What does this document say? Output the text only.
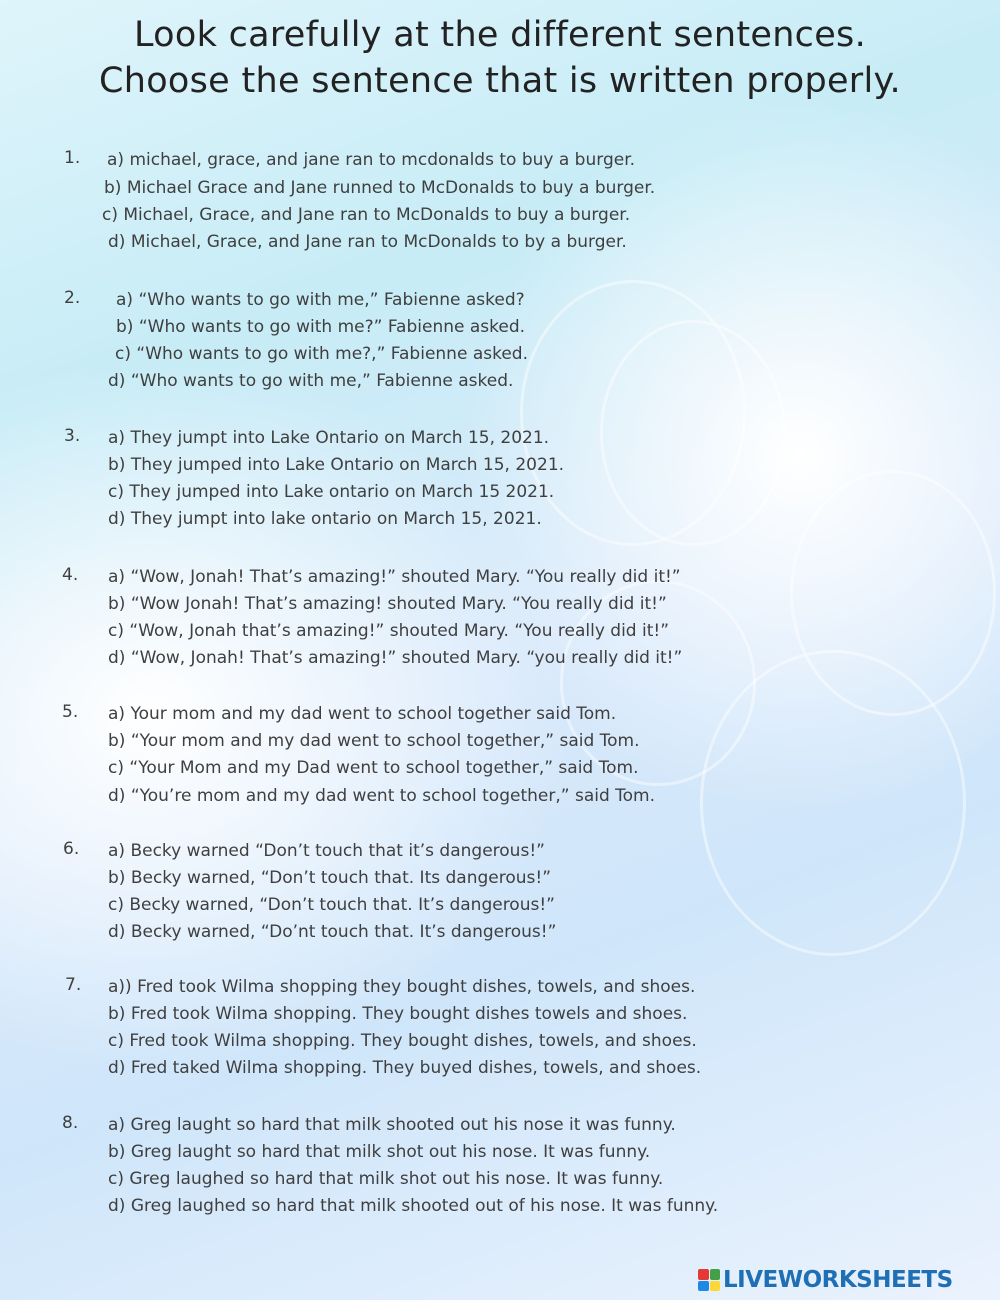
Look carefully at the different sentences.
Choose the sentence that is written properly.
1. a) michael, grace, and jane ran to mcdonalds to buy a burger.
b) Michael Grace and Jane runned to McDonalds to buy a burger.
c) Michael, Grace, and Jane ran to McDonalds to buy a burger.
d) Michael, Grace, and Jane ran to McDonalds to by a burger.
2. a) “Who wants to go with me,” Fabienne asked?
b) “Who wants to go with me?” Fabienne asked.
c) “Who wants to go with me?,” Fabienne asked.
d) “Who wants to go with me,” Fabienne asked.
3. a) They jumpt into Lake Ontario on March 15, 2021.
b) They jumped into Lake Ontario on March 15, 2021.
c) They jumped into Lake ontario on March 15 2021.
d) They jumpt into lake ontario on March 15, 2021.
4. a) “Wow, Jonah! That’s amazing!” shouted Mary. “You really did it!”
b) “Wow Jonah! That’s amazing! shouted Mary. “You really did it!”
c) “Wow, Jonah that’s amazing!” shouted Mary. “You really did it!”
d) “Wow, Jonah! That’s amazing!” shouted Mary. “you really did it!”
5. a) Your mom and my dad went to school together said Tom.
b) “Your mom and my dad went to school together,” said Tom.
c) “Your Mom and my Dad went to school together,” said Tom.
d) “You’re mom and my dad went to school together,” said Tom.
6. a) Becky warned “Don’t touch that it’s dangerous!”
b) Becky warned, “Don’t touch that. Its dangerous!”
c) Becky warned, “Don’t touch that. It’s dangerous!”
d) Becky warned, “Do’nt touch that. It’s dangerous!”
7. a)) Fred took Wilma shopping they bought dishes, towels, and shoes.
b) Fred took Wilma shopping. They bought dishes towels and shoes.
c) Fred took Wilma shopping. They bought dishes, towels, and shoes.
d) Fred taked Wilma shopping. They buyed dishes, towels, and shoes.
8. a) Greg laught so hard that milk shooted out his nose it was funny.
b) Greg laught so hard that milk shot out his nose. It was funny.
c) Greg laughed so hard that milk shot out his nose. It was funny.
d) Greg laughed so hard that milk shooted out of his nose. It was funny.
LIVEWORKSHEETS
